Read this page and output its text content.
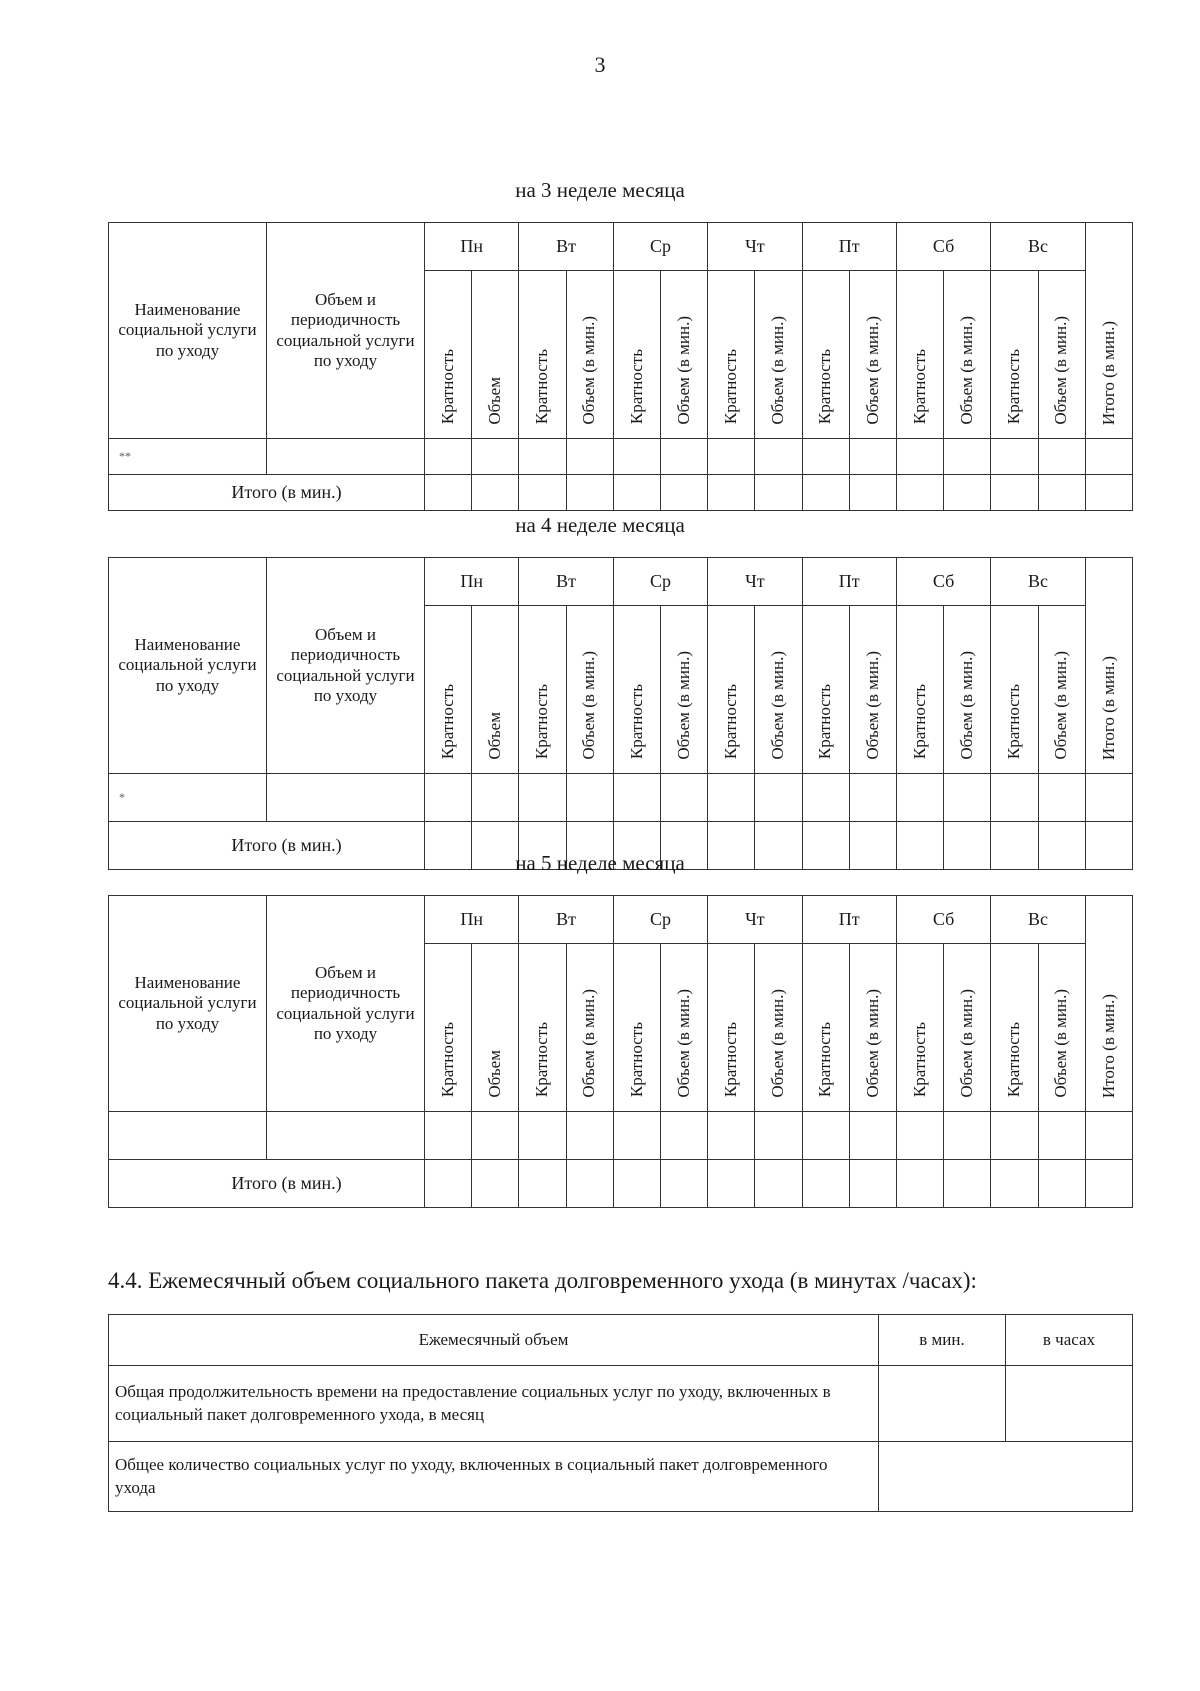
3
на 3 неделе месяца
Наименование социальной услуги по уходу	Объем и периодичность социальной услуги по уходу	Пн		Вт		Ср		Чт		Пт		Сб		Вс		Итого (в мин.)
		Кратность	Объем	Кратность	Объем (в мин.)	Кратность	Объем (в мин.)	Кратность	Объем (в мин.)	Кратность	Объем (в мин.)	Кратность	Объем (в мин.)	Кратность	Объем (в мин.)	
**																
Итого (в мин.)																
на 4 неделе месяца
Наименование социальной услуги по уходу	Объем и периодичность социальной услуги по уходу	Пн		Вт		Ср		Чт		Пт		Сб		Вс		Итого (в мин.)
		Кратность	Объем	Кратность	Объем (в мин.)	Кратность	Объем (в мин.)	Кратность	Объем (в мин.)	Кратность	Объем (в мин.)	Кратность	Объем (в мин.)	Кратность	Объем (в мин.)	
*																
Итого (в мин.)																
на 5 неделе месяца
Наименование социальной услуги по уходу	Объем и периодичность социальной услуги по уходу	Пн		Вт		Ср		Чт		Пт		Сб		Вс		Итого (в мин.)
		Кратность	Объем	Кратность	Объем (в мин.)	Кратность	Объем (в мин.)	Кратность	Объем (в мин.)	Кратность	Объем (в мин.)	Кратность	Объем (в мин.)	Кратность	Объем (в мин.)	

Итого (в мин.)																
4.4. Ежемесячный объем социального пакета долговременного ухода (в минутах /часах):
Ежемесячный объем	в мин.	в часах
Общая продолжительность времени на предоставление социальных услуг по уходу, включенных в социальный пакет долговременного ухода, в месяц		
Общее количество социальных услуг по уходу, включенных в социальный пакет долговременного ухода		
